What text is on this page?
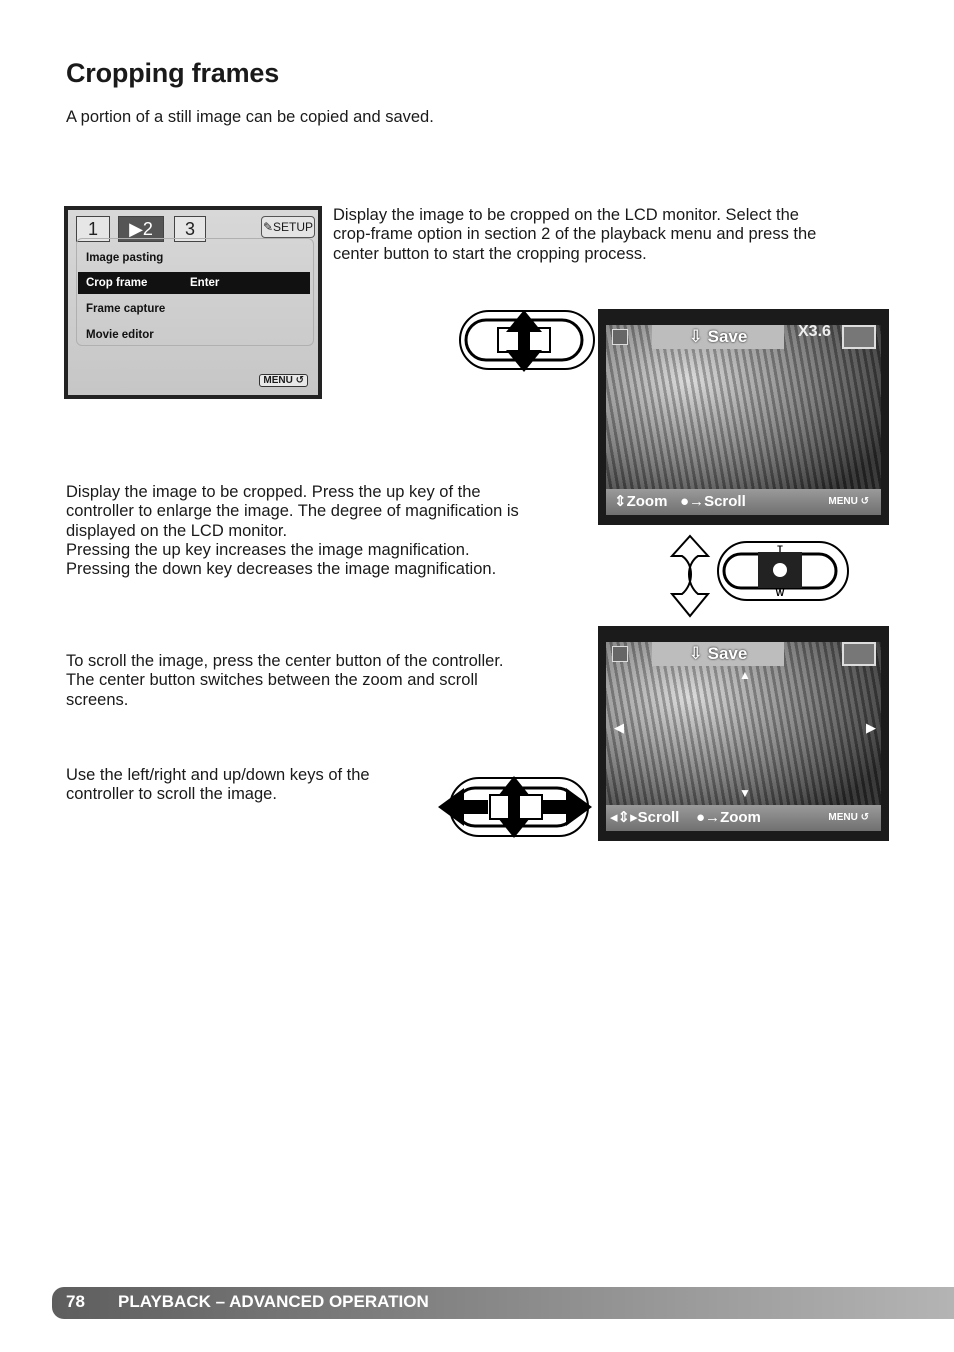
Cropping frames
A portion of a still image can be copied and saved.
1	▶2	3	✎SETUP
Image pasting
Crop frame	Enter
Frame capture
Movie editor
MENU ↺

Display the image to be cropped on the LCD monitor. Select the

crop-frame option in section 2 of the playback menu and press the

center button to start the cropping process.

⇩ Save	X3.6
⇕Zoom ●→Scroll	MENU ↺

Display the image to be cropped. Press the up key of the

controller to enlarge the image. The degree of magnification is

displayed on the LCD monitor.

Pressing the up key increases the image magnification.

Pressing the down key decreases the image magnification.

T
W
⇩ Save
▲
▼
◀	▶
◂⇕▸Scroll ●→Zoom	MENU ↺

To scroll the image, press the center button of the controller.

The center button switches between the zoom and scroll

screens.

Use the left/right and up/down keys of the

controller to scroll the image.

78 PLAYBACK – ADVANCED OPERATION
